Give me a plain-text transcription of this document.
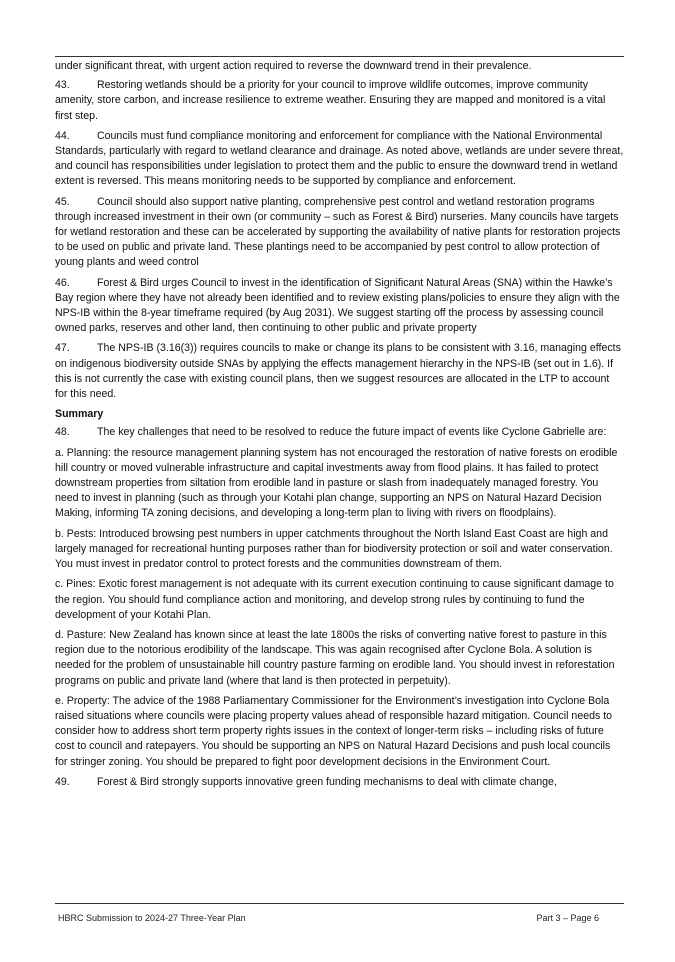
under significant threat, with urgent action required to reverse the downward trend in their prevalence.

43.	Restoring wetlands should be a priority for your council to improve wildlife outcomes, improve community amenity, store carbon, and increase resilience to extreme weather. Ensuring they are mapped and monitored is a vital first step.

44.	Councils must fund compliance monitoring and enforcement for compliance with the National Environmental Standards, particularly with regard to wetland clearance and drainage. As noted above, wetlands are under severe threat, and council has responsibilities under legislation to protect them and the public to ensure the downward trend in wetland extent is reversed. This means monitoring needs to be supported by compliance and enforcement.

45.	Council should also support native planting, comprehensive pest control and wetland restoration programs through increased investment in their own (or community – such as Forest & Bird) nurseries. Many councils have targets for wetland restoration and these can be accelerated by supporting the availability of native plants for restoration projects to be used on public and private land. These plantings need to be accompanied by pest control to allow protection of young plants and weed control

46.	Forest & Bird urges Council to invest in the identification of Significant Natural Areas (SNA) within the Hawke’s Bay region where they have not already been identified and to review existing plans/policies to ensure they align with the NPS-IB within the 8-year timeframe required (by Aug 2031). We suggest starting off the process by assessing council owned parks, reserves and other land, then continuing to other public and private property

47.	The NPS-IB (3.16(3)) requires councils to make or change its plans to be consistent with 3.16, managing effects on indigenous biodiversity outside SNAs by applying the effects management hierarchy in the NPS-IB (set out in 1.6). If this is not currently the case with existing council plans, then we suggest resources are allocated in the LTP to account for this need.

Summary

48.	The key challenges that need to be resolved to reduce the future impact of events like Cyclone Gabrielle are:

a. Planning: the resource management planning system has not encouraged the restoration of native forests on erodible hill country or moved vulnerable infrastructure and capital investments away from flood plains. It has failed to protect downstream properties from siltation from erodible land in pasture or slash from inadequately managed forestry. You need to invest in planning (such as through your Kotahi plan change, supporting an NPS on Natural Hazard Decision Making, informing TA zoning decisions, and developing a long-term plan to living with rivers on floodplains).

b. Pests: Introduced browsing pest numbers in upper catchments throughout the North Island East Coast are high and largely managed for recreational hunting purposes rather than for biodiversity protection or soil and water conservation. You must invest in predator control to protect forests and the communities downstream of them.

c. Pines: Exotic forest management is not adequate with its current execution continuing to cause significant damage to the region. You should fund compliance action and monitoring, and develop strong rules by continuing to fund the development of your Kotahi Plan.

d. Pasture: New Zealand has known since at least the late 1800s the risks of converting native forest to pasture in this region due to the notorious erodibility of the landscape. This was again recognised after Cyclone Bola. A solution is needed for the problem of unsustainable hill country pasture farming on erodible land. You should invest in reforestation programs on public and private land (where that land is then protected in perpetuity).

e. Property: The advice of the 1988 Parliamentary Commissioner for the Environment’s investigation into Cyclone Bola raised situations where councils were placing property values ahead of responsible hazard mitigation. Council needs to consider how to address short term property rights issues in the context of longer-term risks – including risks of future cost to council and ratepayers. You should be supporting an NPS on Natural Hazard Decisions and push local councils for stringer zoning. You should be prepared to fight poor development decisions in the Environment Court.

49.	Forest & Bird strongly supports innovative green funding mechanisms to deal with climate change,

HBRC Submission to 2024-27 Three-Year Plan	Part 3 – Page 6
